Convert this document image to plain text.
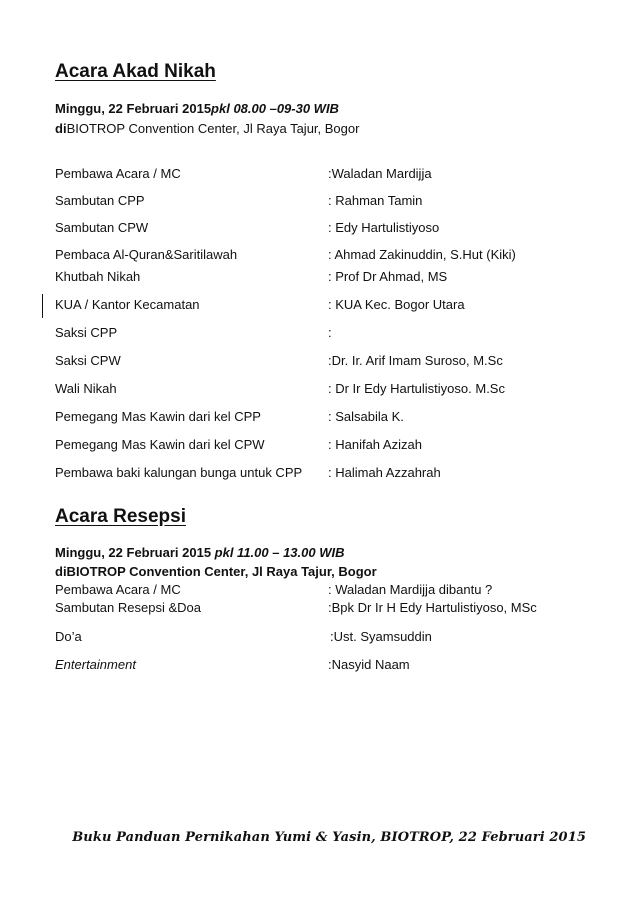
Acara Akad Nikah
Minggu, 22 Februari 2015pkl 08.00 –09-30 WIB
diBIOTROP Convention Center, Jl Raya Tajur, Bogor
Pembawa Acara / MC	:Waladan Mardijja
Sambutan CPP	: Rahman Tamin
Sambutan CPW	: Edy Hartulistiyoso
Pembaca Al-Quran&Saritilawah	: Ahmad Zakinuddin, S.Hut (Kiki)
Khutbah Nikah	: Prof Dr Ahmad, MS
KUA / Kantor Kecamatan	: KUA Kec. Bogor Utara
Saksi CPP	:
Saksi CPW	:Dr. Ir. Arif Imam Suroso, M.Sc
Wali Nikah	: Dr Ir Edy Hartulistiyoso. M.Sc
Pemegang Mas Kawin dari kel CPP	: Salsabila K.
Pemegang Mas Kawin dari kel CPW	: Hanifah Azizah
Pembawa baki kalungan bunga untuk CPP	: Halimah Azzahrah
Acara Resepsi
Minggu, 22 Februari 2015 pkl 11.00 – 13.00 WIB
diBIOTROP Convention Center, Jl Raya Tajur, Bogor
Pembawa Acara / MC	: Waladan Mardijja dibantu ?
Sambutan Resepsi &Doa	:Bpk Dr Ir H Edy Hartulistiyoso, MSc
Do’a	:Ust. Syamsuddin
Entertainment	:Nasyid Naam
Buku Panduan Pernikahan Yumi & Yasin, BIOTROP, 22 Februari 2015
